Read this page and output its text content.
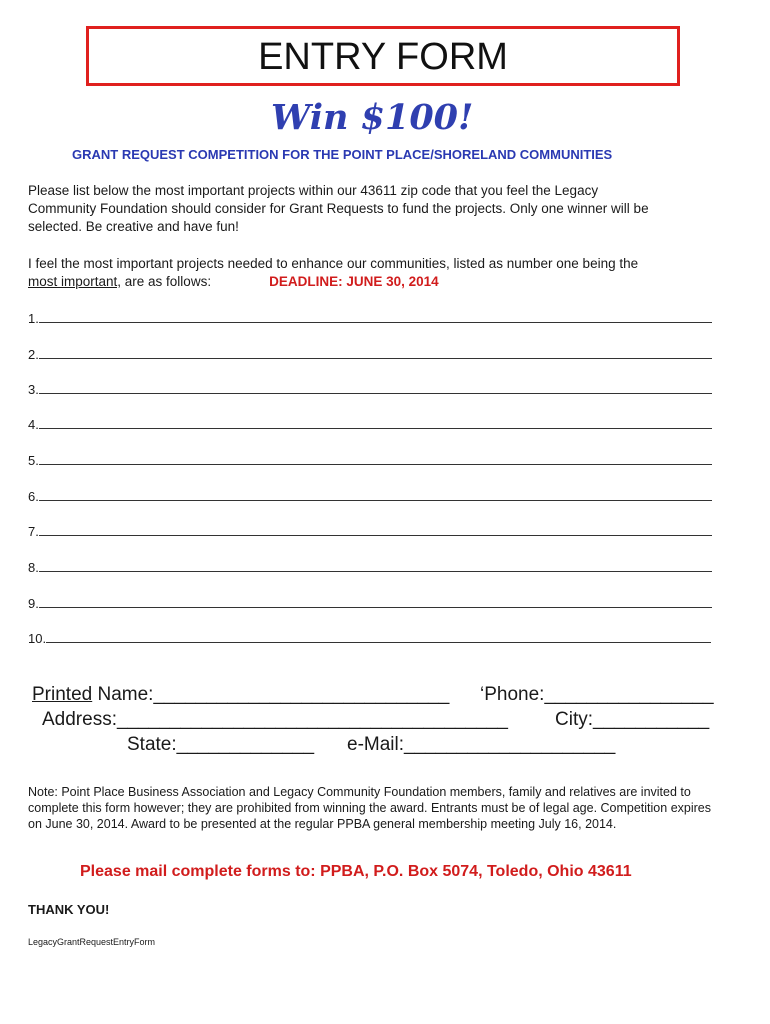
ENTRY FORM
Win $100!
GRANT REQUEST COMPETITION FOR THE POINT PLACE/SHORELAND COMMUNITIES
Please list below the most important projects within our 43611 zip code that you feel the Legacy
Community Foundation should consider for Grant Requests to fund the projects. Only one winner will be
selected. Be creative and have fun!
I feel the most important projects needed to enhance our communities, listed as number one being the
most important, are as follows:	DEADLINE: JUNE 30, 2014
1.
2.
3.
4.
5.
6.
7.
8.
9.
10.
Printed Name:____________________________ ‘Phone:________________
Address:_____________________________________ City:___________
State:_____________ e-Mail:____________________
Note: Point Place Business Association and Legacy Community Foundation members, family and relatives are invited to complete this form however; they are prohibited from winning the award. Entrants must be of legal age. Competition expires on June 30, 2014. Award to be presented at the regular PPBA general membership meeting July 16, 2014.
Please mail complete forms to: PPBA, P.O. Box 5074, Toledo, Ohio 43611
THANK YOU!
LegacyGrantRequestEntryForm
